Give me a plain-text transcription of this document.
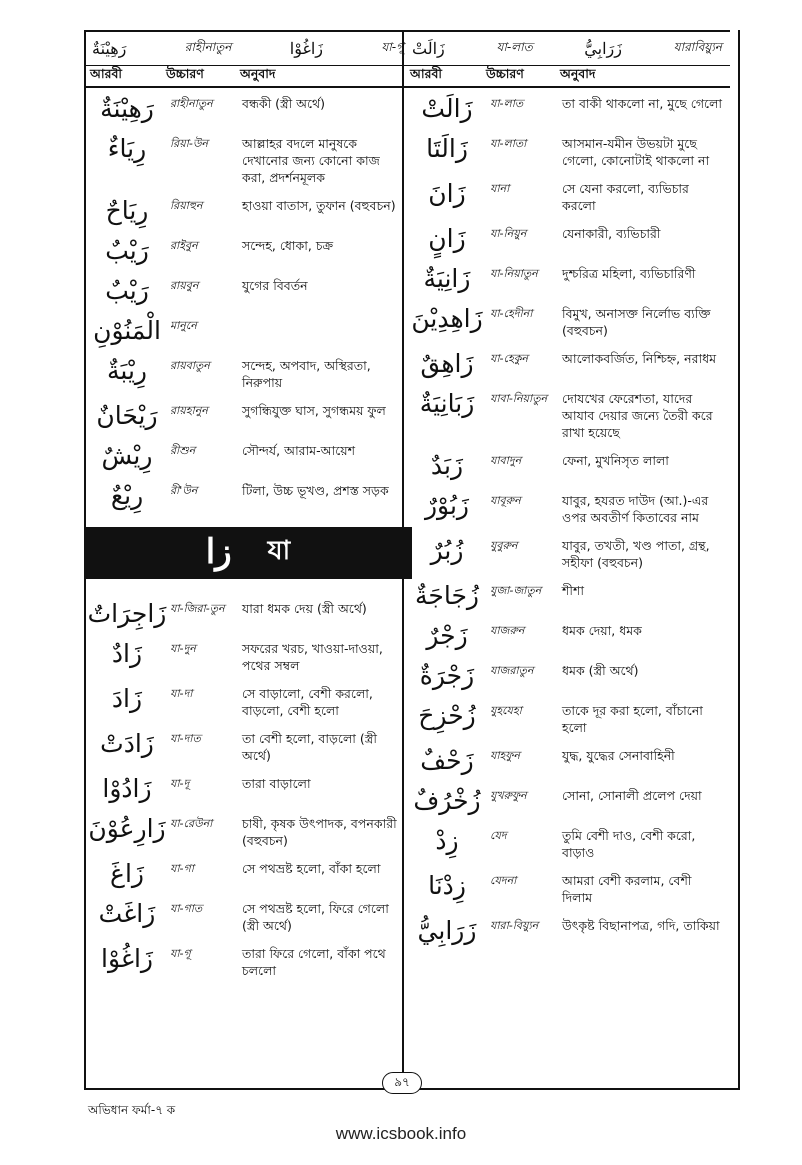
رَهِيْنَةٌ	রাহীনাতুন	زَاغُوْا	যা-গূ
আরবী	উচ্চারণ	অনুবাদ
رَهِيْنَةٌ	রাহীনাতুন	বন্ধকী (স্ত্রী অর্থে)
رِيَاءٌ	রিয়া-উন	আল্লাহর বদলে মানুষকে দেখানোর জন্য কোনো কাজ করা, প্রদর্শনমূলক
رِيَاحٌ	রিয়াহুন	হাওয়া বাতাস, তুফান (বহুবচন)
رَيْبٌ	রাইবুন	সন্দেহ, ধোকা, চক্র
رَيْبٌ	রায়বুন	যুগের বিবর্তন
الْمَنُوْنِ মানুনে
رِيْبَةٌ	রায়বাতুন	সন্দেহ, অপবাদ, অস্থিরতা, নিরুপায়
رَيْحَانٌ	রায়হানুন	সুগন্ধিযুক্ত ঘাস, সুগন্ধময় ফুল
رِيْشٌ	রীশুন	সৌন্দর্য, আরাম-আয়েশ
رِيْعٌ	রী'উন	টিলা, উচ্চ ভূখণ্ড, প্রশস্ত সড়ক
زا যা
زَاجِرَاتٌ যা-জিরা-তুন	যারা ধমক দেয় (স্ত্রী অর্থে)
زَادٌ	যা-দুন	সফরের খরচ, খাওয়া-দাওয়া, পথের সম্বল
زَادَ	যা-দা	সে বাড়ালো, বেশী করলো, বাড়লো, বেশী হলো
زَادَتْ	যা-দাত	তা বেশী হলো, বাড়লো (স্ত্রী অর্থে)
زَادُوْا	যা-দূ	তারা বাড়ালো
زَارِعُوْنَ যা-রেউনা	চাষী, কৃষক উৎপাদক, বপনকারী (বহুবচন)
زَاغَ	যা-গা	সে পথভ্রষ্ট হলো, বাঁকা হলো
زَاغَتْ	যা-গাত	সে পথভ্রষ্ট হলো, ফিরে গেলো (স্ত্রী অর্থে)
زَاغُوْا	যা-গূ	তারা ফিরে গেলো, বাঁকা পথে চললো
زَالَتْ	যা-লাত	زَرَابِيُّ	যারাবিয়্যুন
আরবী	উচ্চারণ	অনুবাদ
زَالَتْ	যা-লাত	তা বাকী থাকলো না, মুছে গেলো
زَالَتَا	যা-লাতা	আসমান-যমীন উভয়টা মুছে গেলো, কোনোটাই থাকলো না
زَانَ	যানা	সে যেনা করলো, ব্যভিচার করলো
زَانٍ	যা-নিয়ুন	যেনাকারী, ব্যভিচারী
زَانِيَةٌ	যা-নিয়াতুন	দুশ্চরিত্র মহিলা, ব্যভিচারিণী
زَاهِدِيْنَ যা-হেদীনা	বিমুখ, অনাসক্ত নির্লোভ ব্যক্তি (বহুবচন)
زَاهِقٌ	যা-হেকুন	আলোকবর্জিত, নিশ্চিহ্ন, নরাধম
زَبَانِيَةٌ	যাবা-নিয়াতুন	দোযখের ফেরেশতা, যাদের আযাব দেয়ার জন্যে তৈরী করে রাখা হয়েছে
زَبَدٌ	যাবাদুন	ফেনা, মুখনিসৃত লালা
زَبُوْرٌ	যাবূরুন	যাবুর, হযরত দাউদ (আ.)-এর ওপর অবতীর্ণ কিতাবের নাম
زُبُرٌ	যুবুরুন	যাবুর, তখতী, খণ্ড পাতা, গ্রন্থ, সহীফা (বহুবচন)
زُجَاجَةٌ	যুজা-জাতুন	শীশা
زَجْرٌ	যাজরুন	ধমক দেয়া, ধমক
زَجْرَةٌ	যাজরাতুন	ধমক (স্ত্রী অর্থে)
زُحْزِحَ	যুহযেহা	তাকে দূর করা হলো, বাঁচানো হলো
زَحْفٌ	যাহফুন	যুদ্ধ, যুদ্ধের সেনাবাহিনী
زُخْرُفٌ যুখরুফুন	সোনা, সোনালী প্রলেপ দেয়া
زِدْ	যেদ	তুমি বেশী দাও, বেশী করো, বাড়াও
زِدْنَا	যেদনা	আমরা বেশী করলাম, বেশী দিলাম
زَرَابِيُّ	যারা-বিয়্যুন	উৎকৃষ্ট বিছানাপত্র, গদি, তাকিয়া
৯৭
অভিধান ফর্মা-৭ ক
www.icsbook.info
